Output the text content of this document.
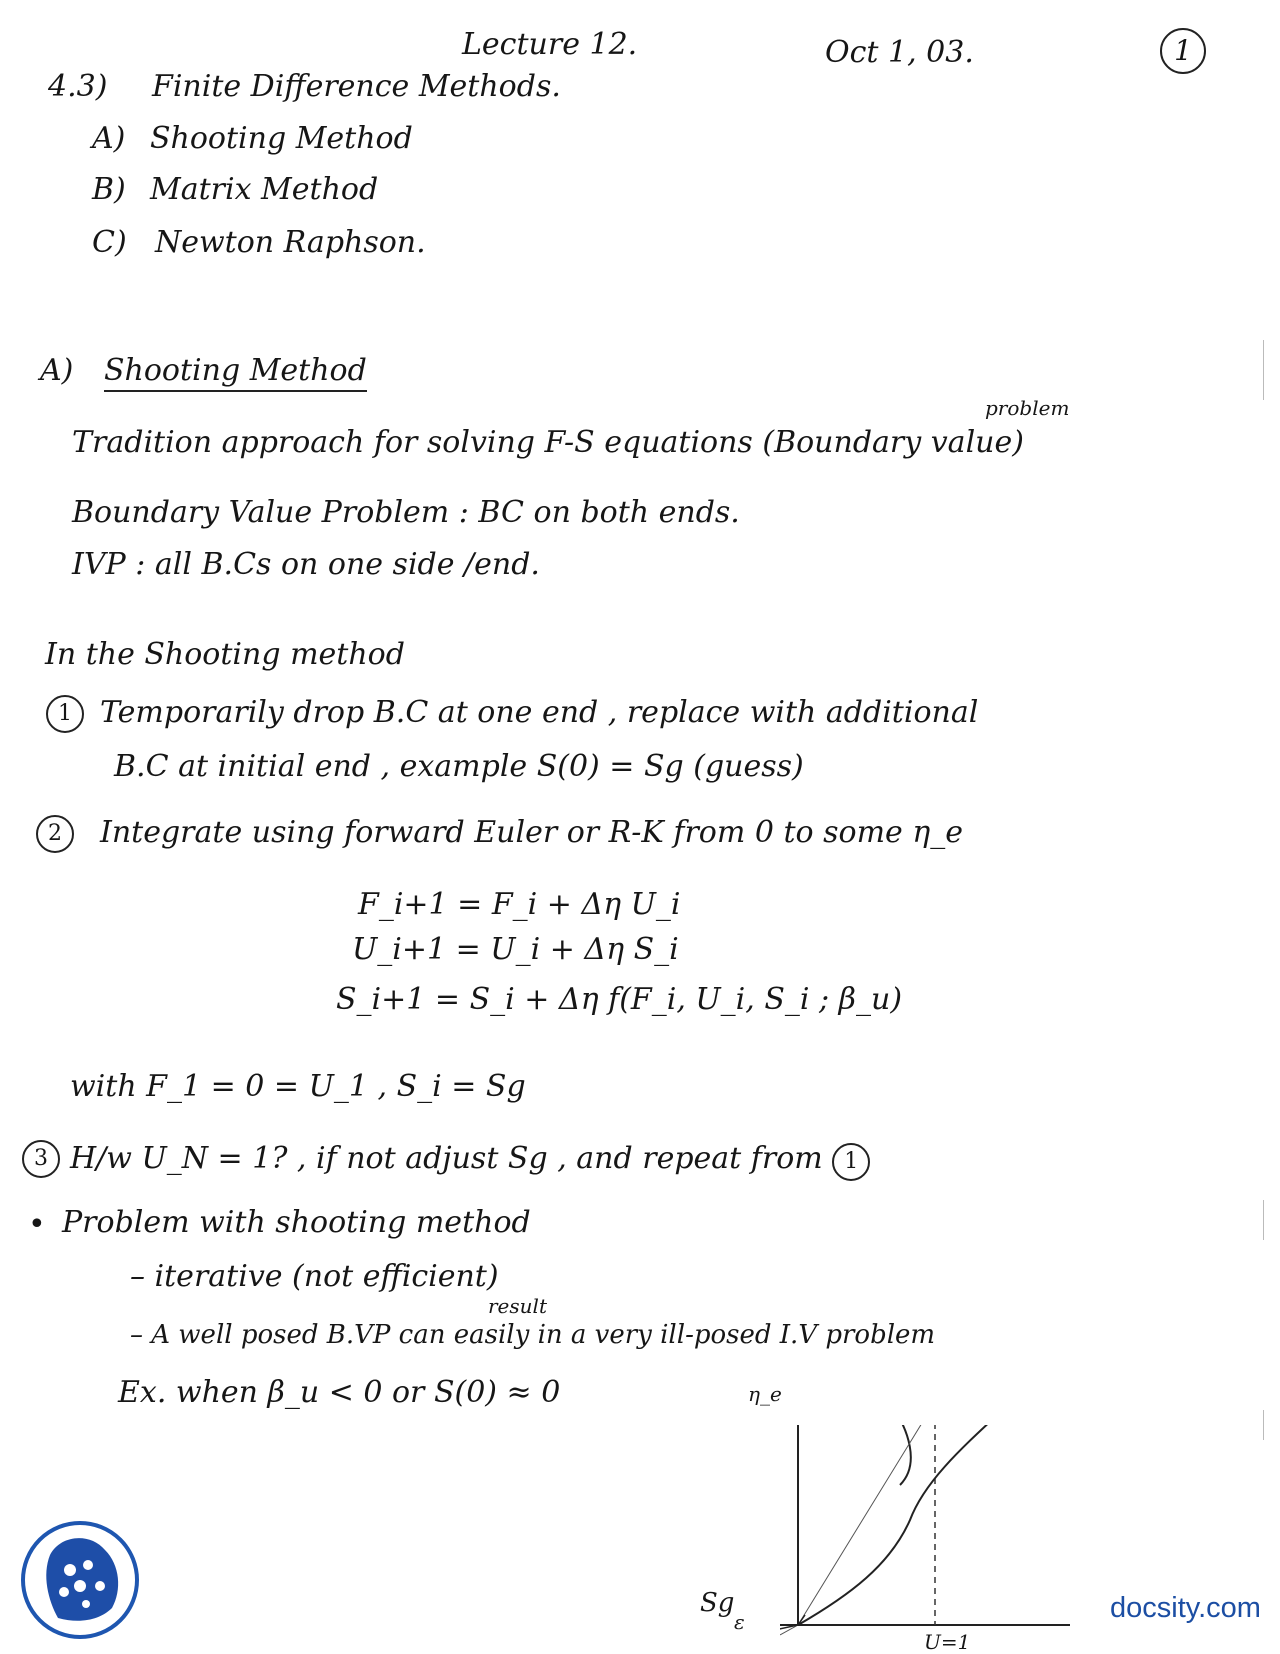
Lecture 12.	Oct 1, 03.	1
4.3) Finite Difference Methods.
A) Shooting Method
B) Matrix Method
C) Newton Raphson.
A) Shooting Method
problem
Tradition approach for solving F-S equations (Boundary value)
Boundary Value Problem : BC on both ends.
IVP : all B.Cs on one side /end.
In the Shooting method
1 Temporarily drop B.C at one end , replace with additional
B.C at initial end , example S(0) = Sg (guess)
2	Integrate using forward Euler or R-K from 0 to some η_e
F_i+1 = F_i + Δη U_i
U_i+1 = U_i + Δη S_i
S_i+1 = S_i + Δη f(F_i, U_i, S_i ; β_u)
with F_1 = 0 = U_1 , S_i = Sg
3 H/w U_N = 1? , if not adjust Sg , and repeat from 1
• Problem with shooting method
– iterative (not efficient)
result
– A well posed B.VP can easily in a very ill-posed I.V problem
Ex. when β_u < 0 or S(0) ≈ 0	η_e
Sg
ε
U=1
docsity.com
